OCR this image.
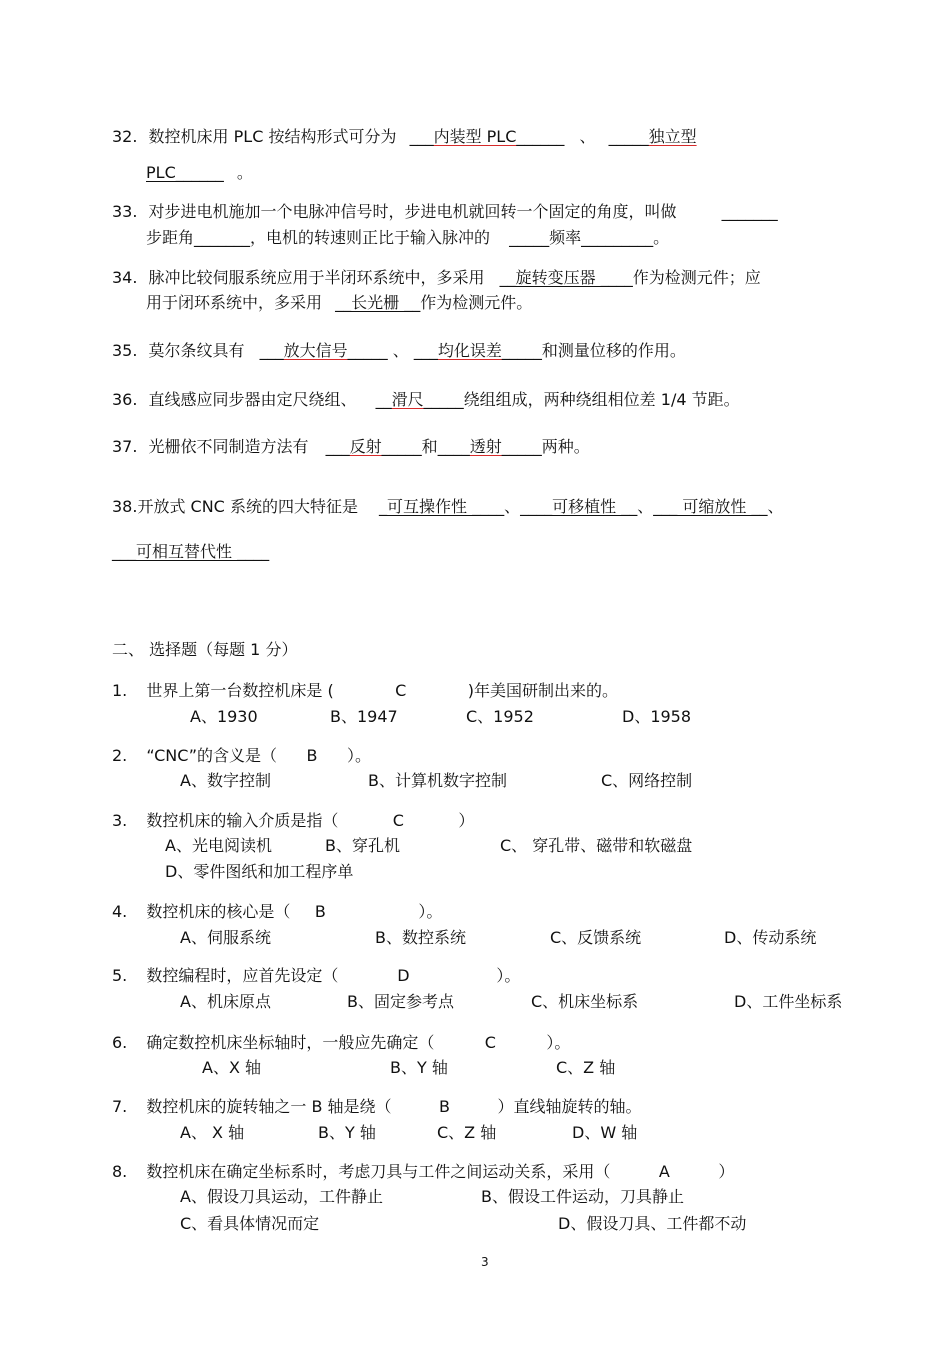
32. 数控机床用 PLC 按结构形式可分为 ___内装型 PLC______ 、 _____独立型
PLC______ 。
33. 对步进电机施加一个电脉冲信号时，步进电机就回转一个固定的角度，叫做	_______
步距角_______，电机的转速则正比于输入脉冲的 _____频率_________。
34. 脉冲比较伺服系统应用于半闭环系统中，多采用 __旋转变压器 ____作为检测元件；应
用于闭环系统中，多采用 __长光栅 __作为检测元件。
35. 莫尔条纹具有 ___放大信号_____ 、 ___均化误差_____和测量位移的作用。
36. 直线感应同步器由定尺绕组、 __滑尺_____绕组组成，两种绕组相位差 1/4 节距。
37. 光栅依不同制造方法有 ___反射_____和____透射_____两种。
38.开放式 CNC 系统的四大特征是 _可互操作性 ____、____可移植性 __、___ 可缩放性 __、
___可相互替代性 ____
二、 选择题（每题 1 分）
1. 世界上第一台数控机床是 (	C	)年美国研制出来的。
A、1930	B、1947	C、1952	D、1958
2. “CNC”的含义是（ B ）。
A、数字控制	B、计算机数字控制	C、网络控制
3. 数控机床的输入介质是指（	C	）
A、光电阅读机	B、穿孔机	C、 穿孔带、磁带和软磁盘
D、零件图纸和加工程序单
4. 数控机床的核心是（ B	）。
A、伺服系统	B、数控系统	C、反馈系统	D、传动系统
5. 数控编程时，应首先设定（	D	）。
A、机床原点	B、固定参考点	C、机床坐标系	D、工件坐标系
6. 确定数控机床坐标轴时，一般应先确定（	C	）。
A、X 轴	B、Y 轴	C、Z 轴
7. 数控机床的旋转轴之一 B 轴是绕（	B	）直线轴旋转的轴。
A、 X 轴	B、Y 轴	C、Z 轴	D、W 轴
8. 数控机床在确定坐标系时，考虑刀具与工件之间运动关系，采用（	A	）
A、假设刀具运动，工件静止	B、假设工件运动，刀具静止
C、看具体情况而定	D、假设刀具、工件都不动
3
